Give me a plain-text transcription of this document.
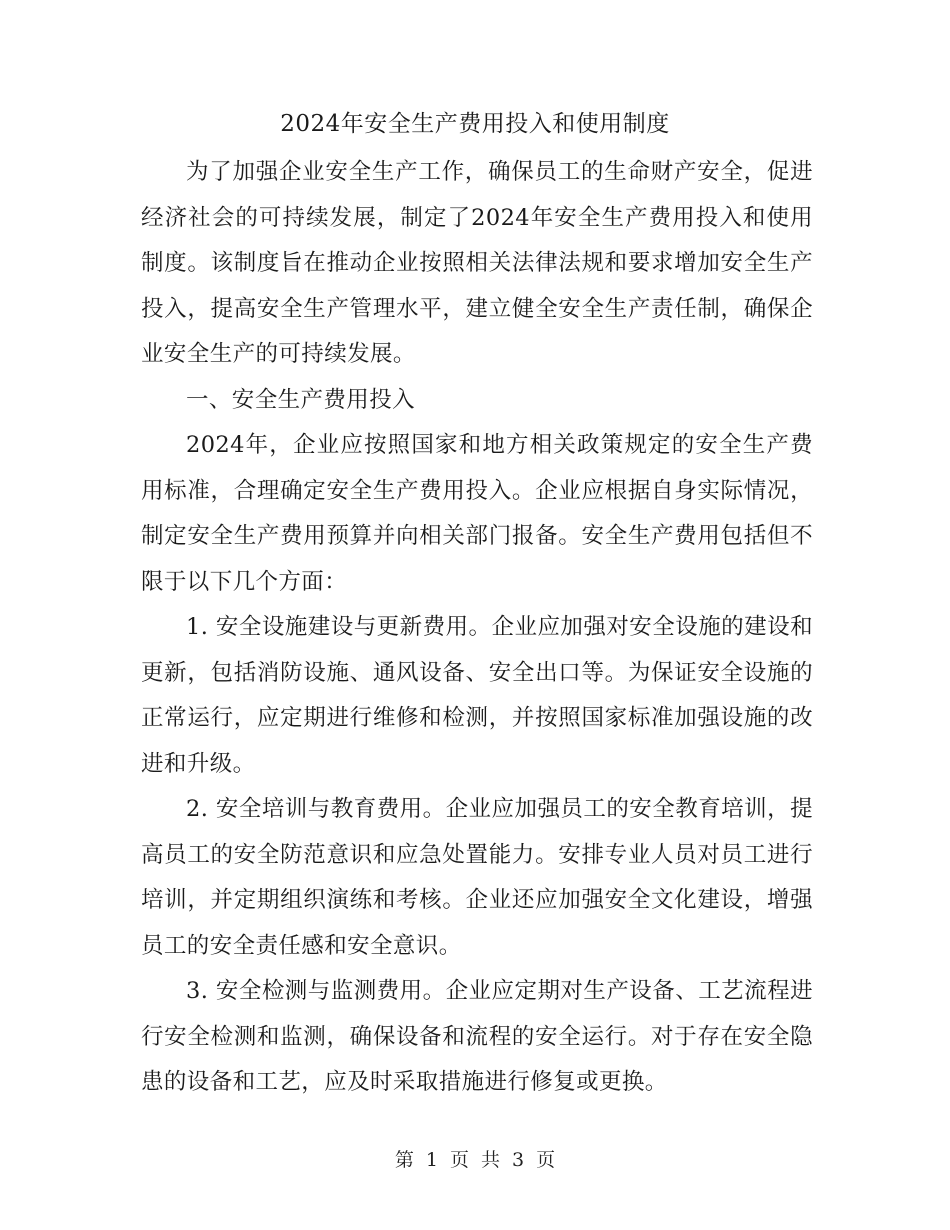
2024年安全生产费用投入和使用制度

为了加强企业安全生产工作，确保员工的生命财产安全，促进经济社会的可持续发展，制定了2024年安全生产费用投入和使用制度。该制度旨在推动企业按照相关法律法规和要求增加安全生产投入，提高安全生产管理水平，建立健全安全生产责任制，确保企业安全生产的可持续发展。

一、安全生产费用投入

2024年，企业应按照国家和地方相关政策规定的安全生产费用标准，合理确定安全生产费用投入。企业应根据自身实际情况，制定安全生产费用预算并向相关部门报备。安全生产费用包括但不限于以下几个方面：

1. 安全设施建设与更新费用。企业应加强对安全设施的建设和更新，包括消防设施、通风设备、安全出口等。为保证安全设施的正常运行，应定期进行维修和检测，并按照国家标准加强设施的改进和升级。

2. 安全培训与教育费用。企业应加强员工的安全教育培训，提高员工的安全防范意识和应急处置能力。安排专业人员对员工进行培训，并定期组织演练和考核。企业还应加强安全文化建设，增强员工的安全责任感和安全意识。

3. 安全检测与监测费用。企业应定期对生产设备、工艺流程进行安全检测和监测，确保设备和流程的安全运行。对于存在安全隐患的设备和工艺，应及时采取措施进行修复或更换。

第 1 页 共 3 页
